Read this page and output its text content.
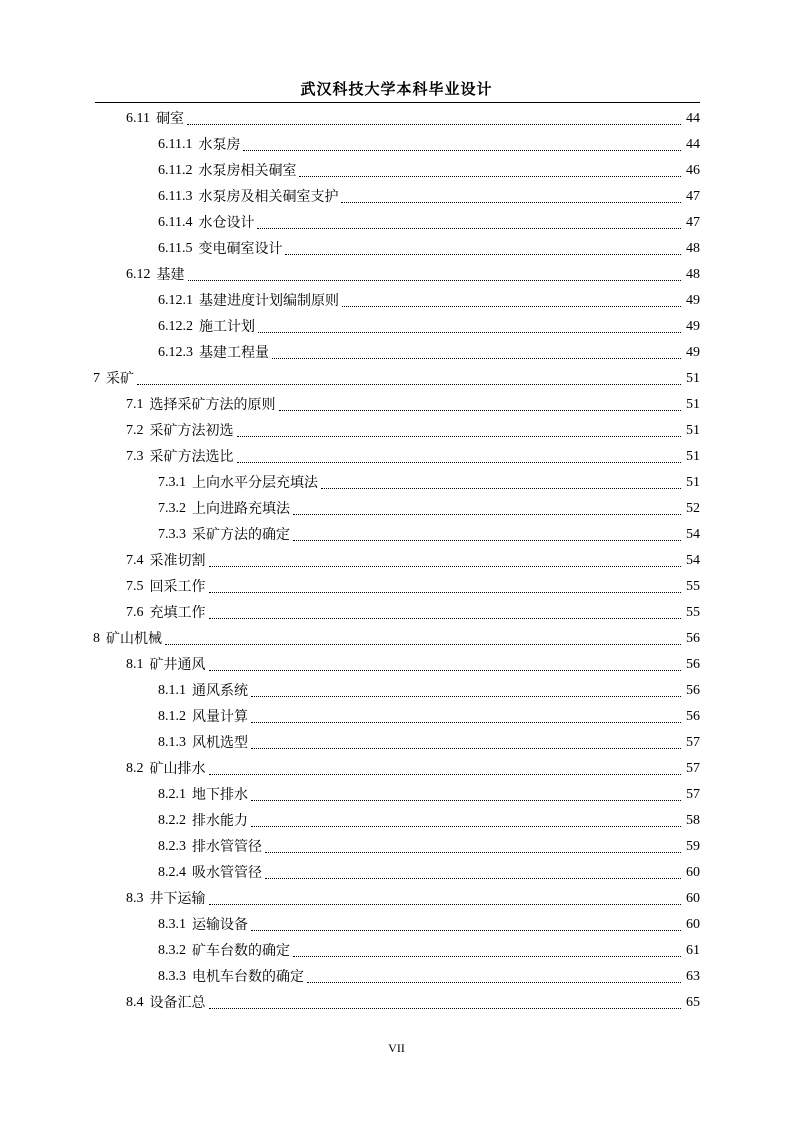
武汉科技大学本科毕业设计
6.11 硐室	44
6.11.1 水泵房	44
6.11.2 水泵房相关硐室	46
6.11.3 水泵房及相关硐室支护	47
6.11.4 水仓设计	47
6.11.5 变电硐室设计	48
6.12 基建	48
6.12.1 基建进度计划编制原则	49
6.12.2 施工计划	49
6.12.3 基建工程量	49
7 采矿	51
7.1 选择采矿方法的原则	51
7.2 采矿方法初选	51
7.3 采矿方法选比	51
7.3.1 上向水平分层充填法	51
7.3.2 上向进路充填法	52
7.3.3 采矿方法的确定	54
7.4 采准切割	54
7.5 回采工作	55
7.6 充填工作	55
8 矿山机械	56
8.1 矿井通风	56
8.1.1 通风系统	56
8.1.2 风量计算	56
8.1.3 风机选型	57
8.2 矿山排水	57
8.2.1 地下排水	57
8.2.2 排水能力	58
8.2.3 排水管管径	59
8.2.4 吸水管管径	60
8.3 井下运输	60
8.3.1 运输设备	60
8.3.2 矿车台数的确定	61
8.3.3 电机车台数的确定	63
8.4 设备汇总	65
VII
